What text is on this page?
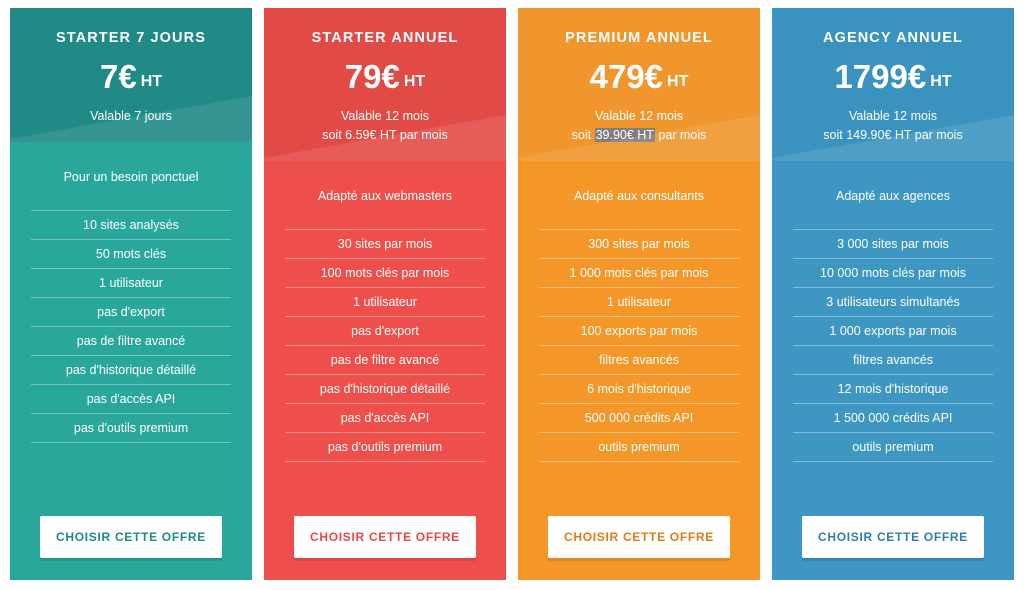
STARTER 7 JOURS
7€ HT
Valable 7 jours
Pour un besoin ponctuel
10 sites analysés
50 mots clés
1 utilisateur
pas d'export
pas de filtre avancé
pas d'historique détaillé
pas d'accès API
pas d'outils premium
CHOISIR CETTE OFFRE
STARTER ANNUEL
79€ HT
Valable 12 mois
soit 6.59€ HT par mois
Adapté aux webmasters
30 sites par mois
100 mots clés par mois
1 utilisateur
pas d'export
pas de filtre avancé
pas d'historique détaillé
pas d'accès API
pas d'outils premium
CHOISIR CETTE OFFRE
PREMIUM ANNUEL
479€ HT
Valable 12 mois
soit 39.90€ HT par mois
Adapté aux consultants
300 sites par mois
1 000 mots clés par mois
1 utilisateur
100 exports par mois
filtres avancés
6 mois d'historique
500 000 crédits API
outils premium
CHOISIR CETTE OFFRE
AGENCY ANNUEL
1799€ HT
Valable 12 mois
soit 149.90€ HT par mois
Adapté aux agences
3 000 sites par mois
10 000 mots clés par mois
3 utilisateurs simultanés
1 000 exports par mois
filtres avancés
12 mois d'historique
1 500 000 crédits API
outils premium
CHOISIR CETTE OFFRE
